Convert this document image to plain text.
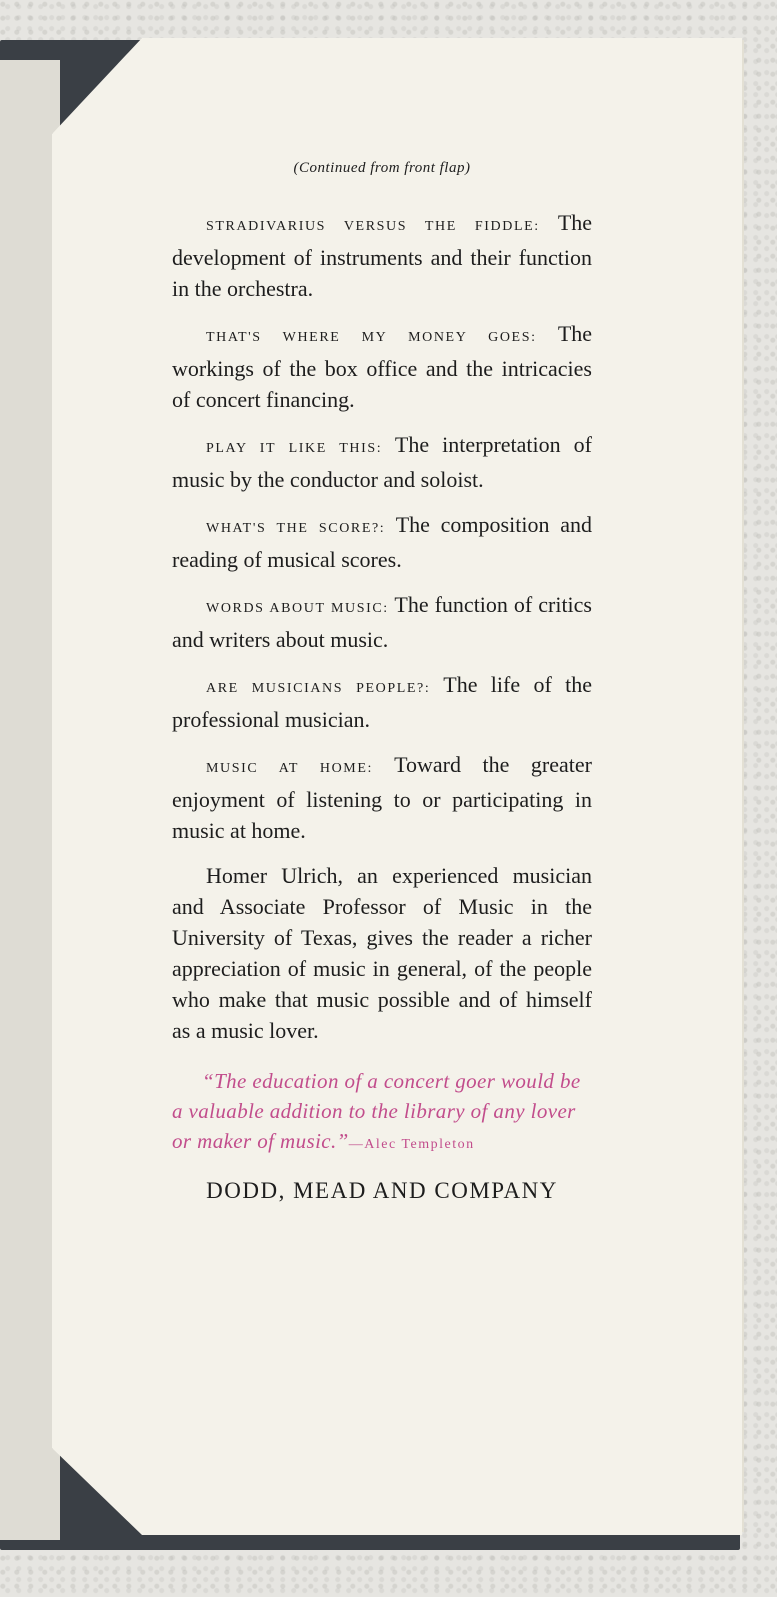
(Continued from front flap)

STRADIVARIUS VERSUS THE FIDDLE: The development of instruments and their function in the orchestra.

THAT'S WHERE MY MONEY GOES: The workings of the box office and the intricacies of concert financing.

PLAY IT LIKE THIS: The interpretation of music by the conductor and soloist.

WHAT'S THE SCORE?: The composition and reading of musical scores.

WORDS ABOUT MUSIC: The function of critics and writers about music.

ARE MUSICIANS PEOPLE?: The life of the professional musician.

MUSIC AT HOME: Toward the greater enjoyment of listening to or participating in music at home.

Homer Ulrich, an experienced musician and Associate Professor of Music in the University of Texas, gives the reader a richer appreciation of music in general, of the people who make that music possible and of himself as a music lover.

“The education of a concert goer would be a valuable addition to the library of any lover or maker of music.”—Alec Templeton

DODD, MEAD AND COMPANY
